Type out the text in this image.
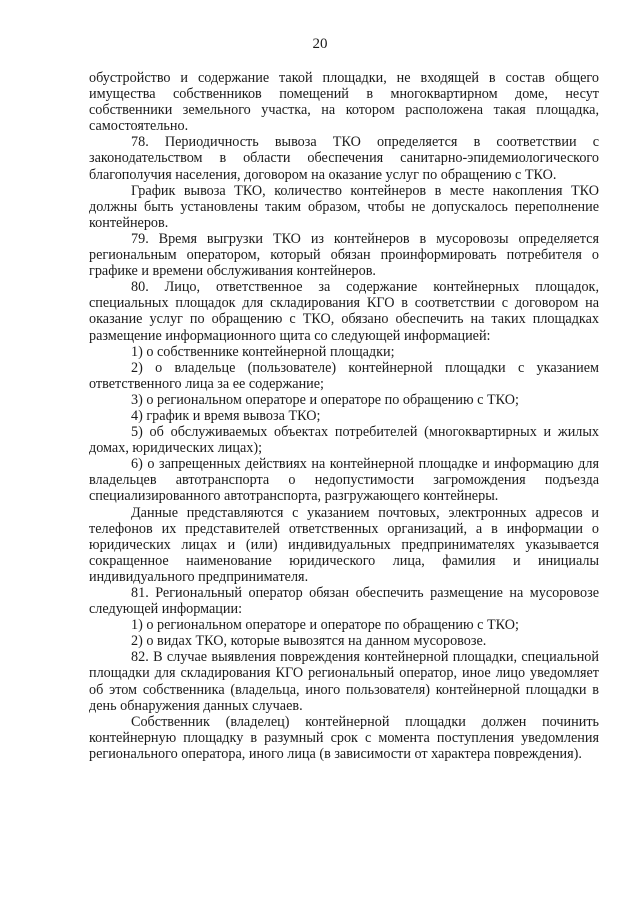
20

обустройство и содержание такой площадки, не входящей в состав общего имущества собственников помещений в многоквартирном доме, несут собственники земельного участка, на котором расположена такая площадка, самостоятельно.

78. Периодичность вывоза ТКО определяется в соответствии с законодательством в области обеспечения санитарно-эпидемиологического благополучия населения, договором на оказание услуг по обращению с ТКО.

График вывоза ТКО, количество контейнеров в месте накопления ТКО должны быть установлены таким образом, чтобы не допускалось переполнение контейнеров.

79. Время выгрузки ТКО из контейнеров в мусоровозы определяется региональным оператором, который обязан проинформировать потребителя о графике и времени обслуживания контейнеров.

80. Лицо, ответственное за содержание контейнерных площадок, специальных площадок для складирования КГО в соответствии с договором на оказание услуг по обращению с ТКО, обязано обеспечить на таких площадках размещение информационного щита со следующей информацией:

1) о собственнике контейнерной площадки;

2) о владельце (пользователе) контейнерной площадки с указанием ответственного лица за ее содержание;

3) о региональном операторе и операторе по обращению с ТКО;

4) график и время вывоза ТКО;

5) об обслуживаемых объектах потребителей (многоквартирных и жилых домах, юридических лицах);

6) о запрещенных действиях на контейнерной площадке и информацию для владельцев автотранспорта о недопустимости загромождения подъезда специализированного автотранспорта, разгружающего контейнеры.

Данные представляются с указанием почтовых, электронных адресов и телефонов их представителей ответственных организаций, а в информации о юридических лицах и (или) индивидуальных предпринимателях указывается сокращенное наименование юридического лица, фамилия и инициалы индивидуального предпринимателя.

81. Региональный оператор обязан обеспечить размещение на мусоровозе следующей информации:

1) о региональном операторе и операторе по обращению с ТКО;

2) о видах ТКО, которые вывозятся на данном мусоровозе.

82. В случае выявления повреждения контейнерной площадки, специальной площадки для складирования КГО региональный оператор, иное лицо уведомляет об этом собственника (владельца, иного пользователя) контейнерной площадки в день обнаружения данных случаев.

Собственник (владелец) контейнерной площадки должен починить контейнерную площадку в разумный срок с момента поступления уведомления регионального оператора, иного лица (в зависимости от характера повреждения).
